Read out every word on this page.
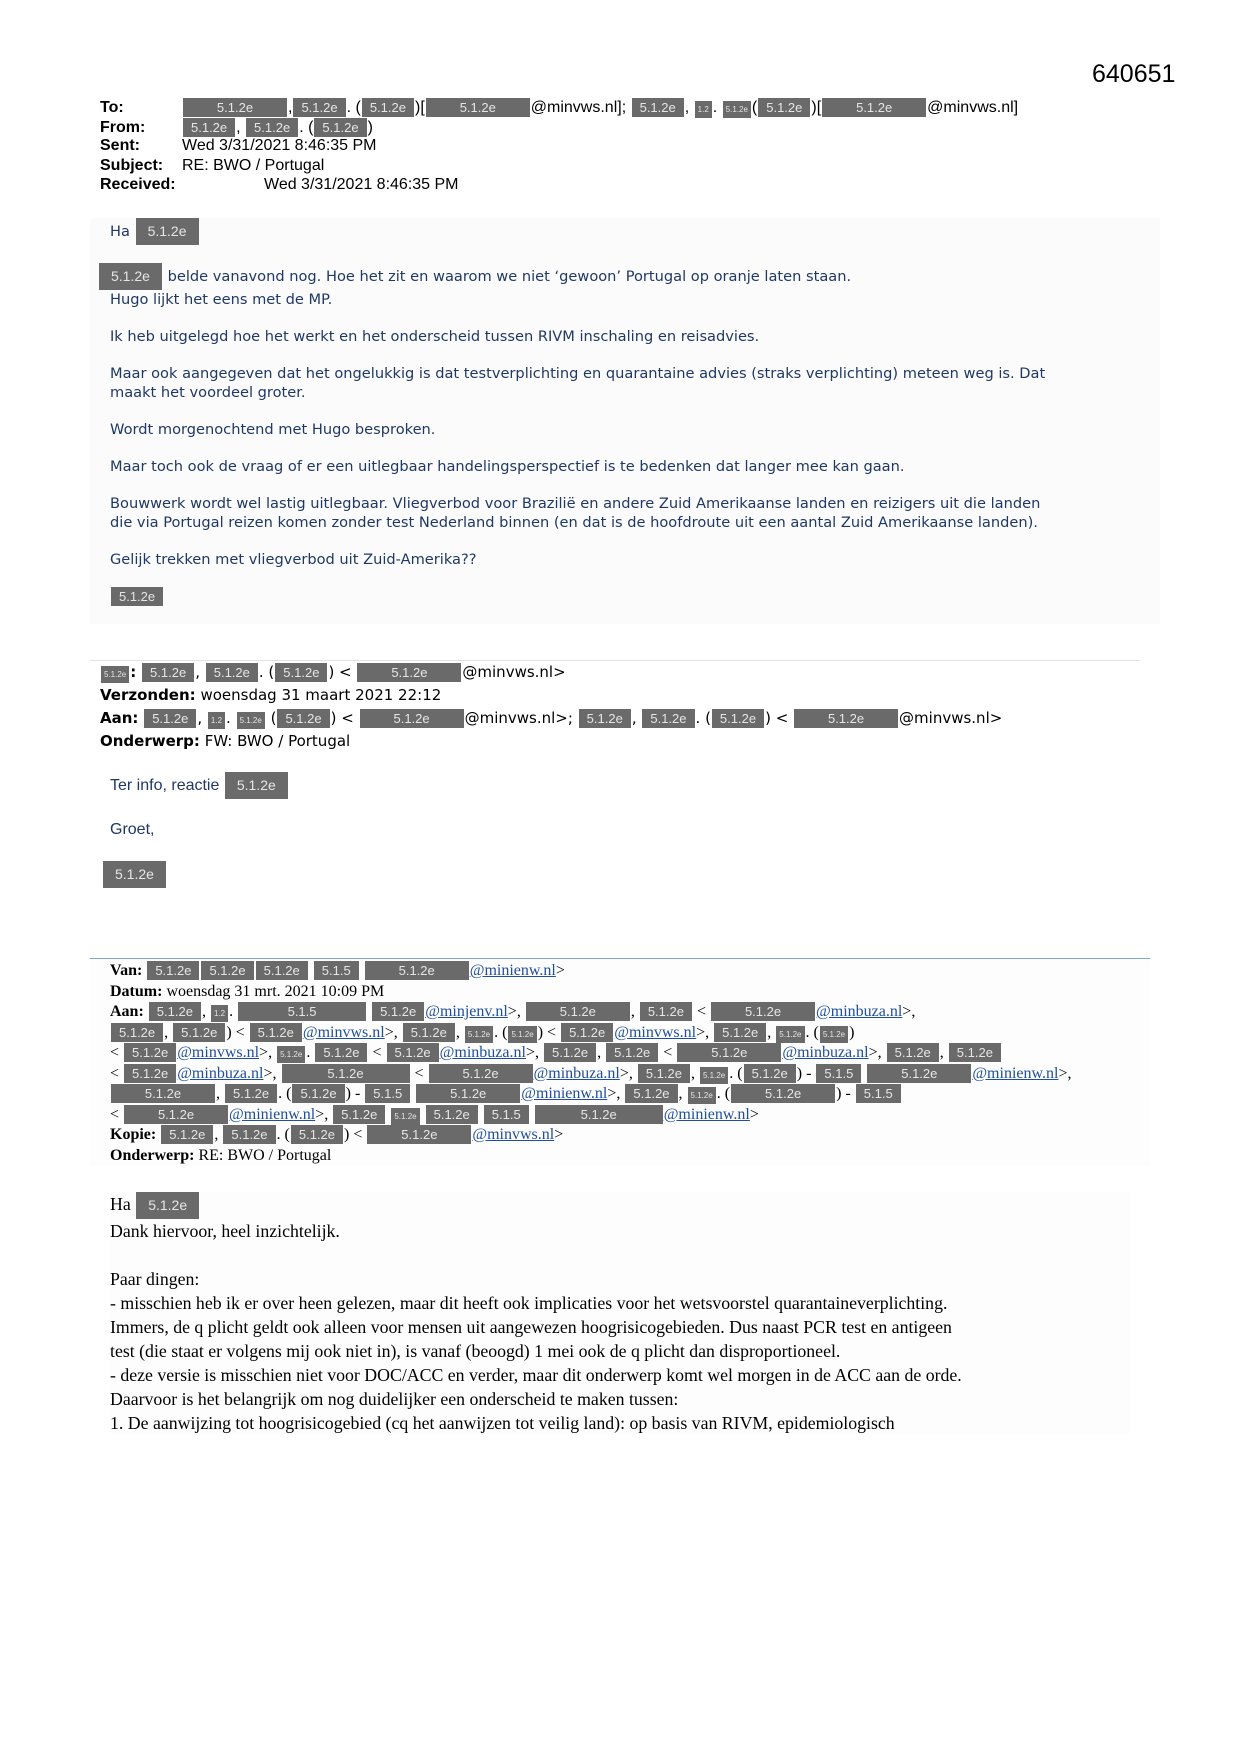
640651
To:	5.1.2e , 5.1.2e . ( 5.1.2e )[	5.1.2e @minvws.nl]; 5.1.2e , 1.2 . 5.1.2e ( 5.1.2e )[	5.1.2e @minvws.nl]
From:	5.1.2e , 5.1.2e . ( 5.1.2e )
Sent:	Wed 3/31/2021 8:46:35 PM
Subject:	RE: BWO / Portugal
Received:	Wed 3/31/2021 8:46:35 PM

Ha 5.1.2e

5.1.2e belde vanavond nog. Hoe het zit en waarom we niet ‘gewoon’ Portugal op oranje laten staan.
Hugo lijkt het eens met de MP.

Ik heb uitgelegd hoe het werkt en het onderscheid tussen RIVM inschaling en reisadvies.

Maar ook aangegeven dat het ongelukkig is dat testverplichting en quarantaine advies (straks verplichting) meteen weg is. Dat
maakt het voordeel groter.

Wordt morgenochtend met Hugo besproken.

Maar toch ook de vraag of er een uitlegbaar handelingsperspectief is te bedenken dat langer mee kan gaan.

Bouwwerk wordt wel lastig uitlegbaar. Vliegverbod voor Brazilië en andere Zuid Amerikaanse landen en reizigers uit die landen
die via Portugal reizen komen zonder test Nederland binnen (en dat is de hoofdroute uit een aantal Zuid Amerikaanse landen).

Gelijk trekken met vliegverbod uit Zuid-Amerika??

5.1.2e

5.1.2e : 5.1.2e , 5.1.2e . ( 5.1.2e ) <	5.1.2e @minvws.nl>
Verzonden: woensdag 31 maart 2021 22:12
Aan: 5.1.2e , 1.2 . 5.1.2e ( 5.1.2e ) <	5.1.2e @minvws.nl>; 5.1.2e , 5.1.2e . ( 5.1.2e ) <	5.1.2e @minvws.nl>
Onderwerp: FW: BWO / Portugal
Ter info, reactie 5.1.2e
Groet,
5.1.2e
Van: 5.1.2e 5.1.2e 5.1.2e 5.1.5	5.1.2e @minienw.nl>
Datum: woensdag 31 mrt. 2021 10:09 PM
Aan: 5.1.2e , 1.2 .	5.1.5	5.1.2e @minjenv.nl>,	5.1.2e , 5.1.2e <	5.1.2e @minbuza.nl>,
5.1.2e , 5.1.2e ) < 5.1.2e @minvws.nl>, 5.1.2e , 5.1.2e . ( 5.1.2e ) < 5.1.2e @minvws.nl>, 5.1.2e , 5.1.2e . ( 5.1.2e )
< 5.1.2e @minvws.nl>, 5.1.2e . 5.1.2e < 5.1.2e @minbuza.nl>, 5.1.2e , 5.1.2e <	5.1.2e @minbuza.nl>, 5.1.2e , 5.1.2e
< 5.1.2e @minbuza.nl>,	5.1.2e	<	5.1.2e @minbuza.nl>, 5.1.2e , 5.1.2e . ( 5.1.2e ) - 5.1.5	5.1.2e @minienw.nl>,
5.1.2e , 5.1.2e . ( 5.1.2e ) - 5.1.5	5.1.2e @minienw.nl>, 5.1.2e , 5.1.2e . (	5.1.2e ) - 5.1.5
<	5.1.2e @minienw.nl>, 5.1.2e 5.1.2e 5.1.2e 5.1.5	5.1.2e	@minienw.nl>
Kopie: 5.1.2e , 5.1.2e . ( 5.1.2e ) <	5.1.2e @minvws.nl>
Onderwerp: RE: BWO / Portugal
Ha 5.1.2e
Dank hiervoor, heel inzichtelijk.
Paar dingen:
- misschien heb ik er over heen gelezen, maar dit heeft ook implicaties voor het wetsvoorstel quarantaineverplichting.
Immers, de q plicht geldt ook alleen voor mensen uit aangewezen hoogrisicogebieden. Dus naast PCR test en antigeen
test (die staat er volgens mij ook niet in), is vanaf (beoogd) 1 mei ook de q plicht dan disproportioneel.
- deze versie is misschien niet voor DOC/ACC en verder, maar dit onderwerp komt wel morgen in de ACC aan de orde.
Daarvoor is het belangrijk om nog duidelijker een onderscheid te maken tussen:
1. De aanwijzing tot hoogrisicogebied (cq het aanwijzen tot veilig land): op basis van RIVM, epidemiologisch
